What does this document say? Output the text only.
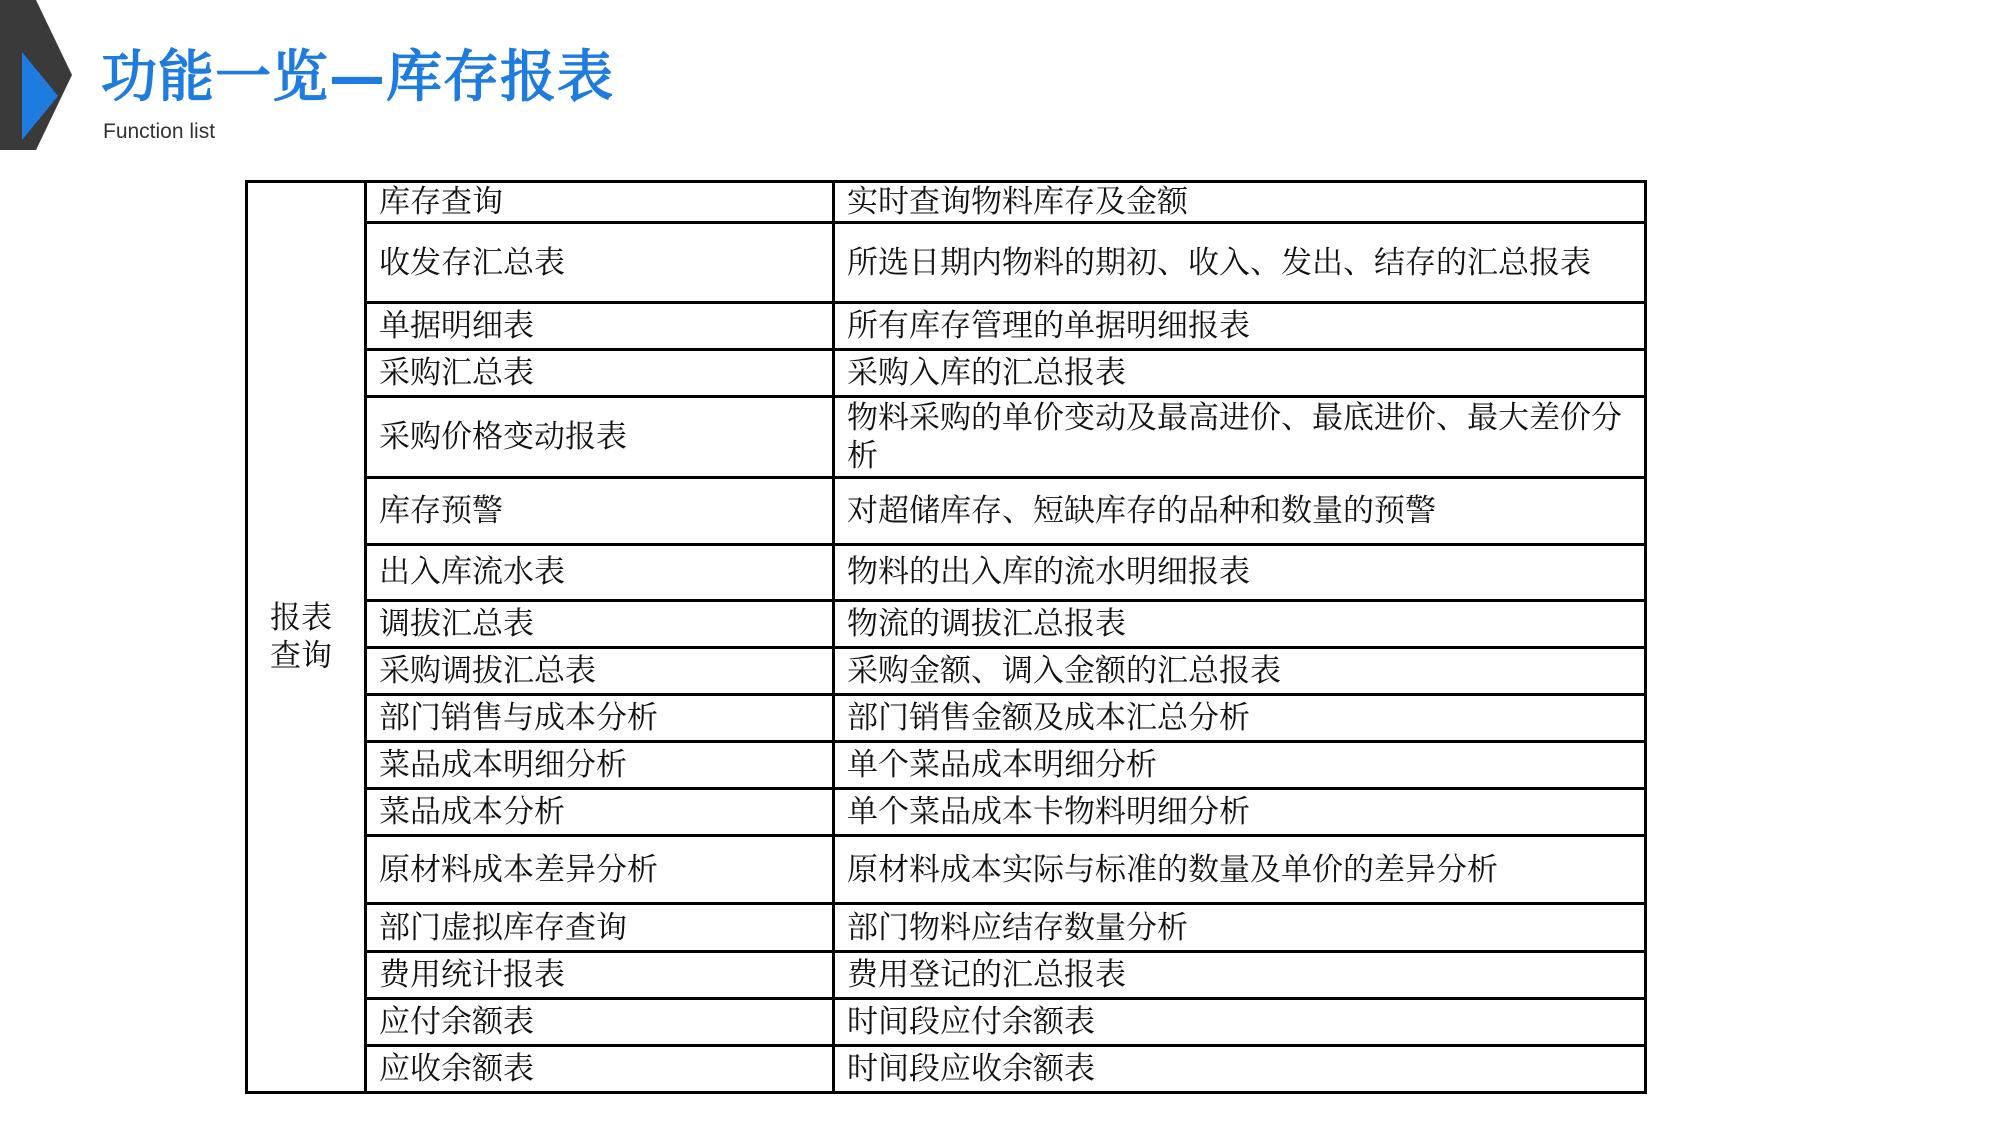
功能一览—库存报表
Function list
报表查询	库存查询	实时查询物料库存及金额
	收发存汇总表	所选日期内物料的期初、收入、发出、结存的汇总报表
	单据明细表	所有库存管理的单据明细报表
	采购汇总表	采购入库的汇总报表
	采购价格变动报表	物料采购的单价变动及最高进价、最底进价、最大差价分析
	库存预警	对超储库存、短缺库存的品种和数量的预警
	出入库流水表	物料的出入库的流水明细报表
	调拔汇总表	物流的调拔汇总报表
	采购调拔汇总表	采购金额、调入金额的汇总报表
	部门销售与成本分析	部门销售金额及成本汇总分析
	菜品成本明细分析	单个菜品成本明细分析
	菜品成本分析	单个菜品成本卡物料明细分析
	原材料成本差异分析	原材料成本实际与标准的数量及单价的差异分析
	部门虚拟库存查询	部门物料应结存数量分析
	费用统计报表	费用登记的汇总报表
	应付余额表	时间段应付余额表
	应收余额表	时间段应收余额表
